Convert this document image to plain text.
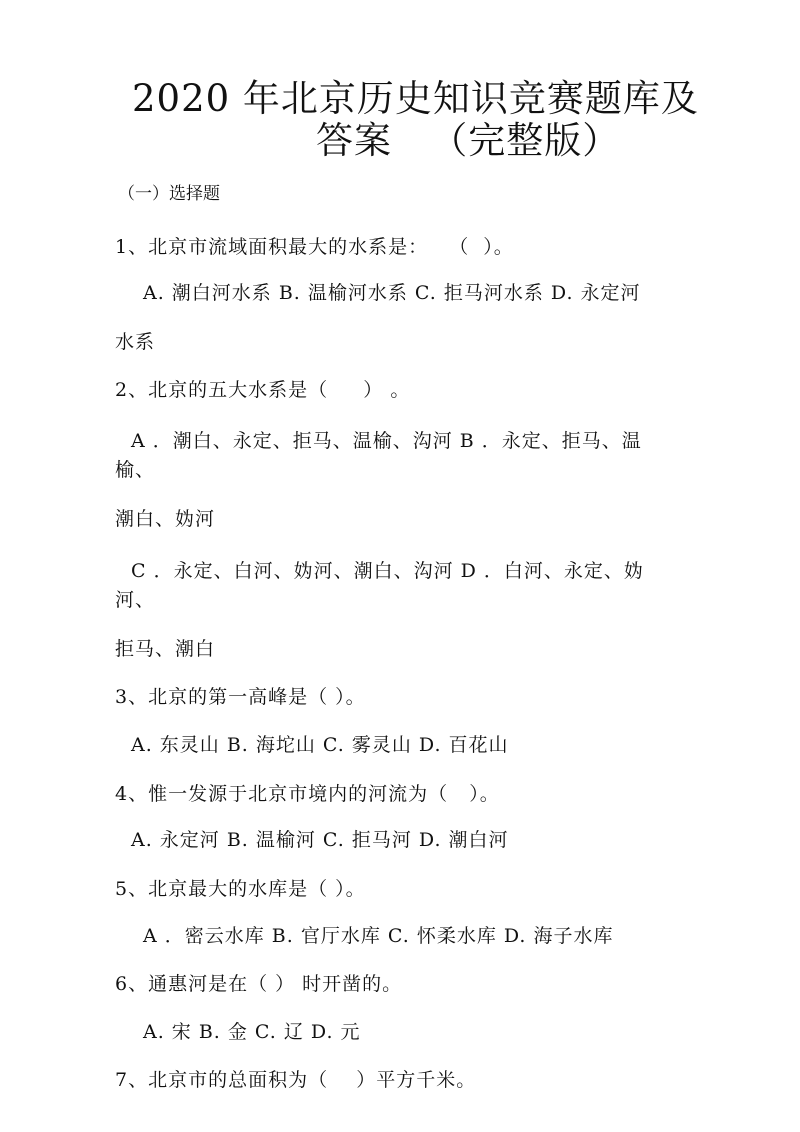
2020 年北京历史知识竞赛题库及
答案   （完整版）
（一）选择题
1、北京市流域面积最大的水系是：   （  ）。
A. 潮白河水系 B. 温榆河水系 C. 拒马河水系 D. 永定河
水系
2、北京的五大水系是（     ） 。
A ．潮白、永定、拒马、温榆、沟河 B ．永定、拒马、温
榆、
潮白、妫河
C ．永定、白河、妫河、潮白、沟河 D ．白河、永定、妫
河、
拒马、潮白
3、北京的第一高峰是（ ）。
A. 东灵山 B. 海坨山 C. 雾灵山 D. 百花山
4、惟一发源于北京市境内的河流为（   ）。
A. 永定河 B. 温榆河 C. 拒马河 D. 潮白河
5、北京最大的水库是（ ）。
A ．密云水库 B. 官厅水库 C. 怀柔水库 D. 海子水库
6、通惠河是在（ ） 时开凿的。
A. 宋 B. 金 C. 辽 D. 元
7、北京市的总面积为（    ）平方千米。
